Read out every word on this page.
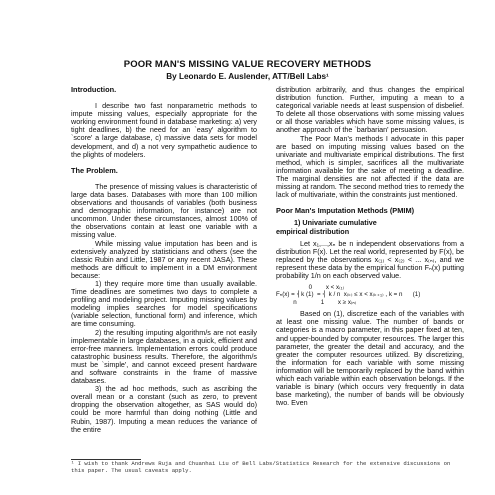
POOR MAN'S MISSING VALUE RECOVERY METHODS
By Leonardo E. Auslender, ATT/Bell Labs¹
Introduction.

I describe two fast nonparametric methods to impute missing values, especially appropriate for the working environment found in database marketing: a) very tight deadlines, b) the need for an `easy' algorithm to `score' a large database, c) massive data sets for model development, and d) a not very sympathetic audience to the plights of modelers.

The Problem.

The presence of missing values is characteristic of large data bases. Databases with more than 100 million observations and thousands of variables (both business and demographic information, for instance) are not uncommon. Under these circumstances, almost 100% of the observations contain at least one variable with a missing value.

While missing value imputation has been and is extensively analyzed by statisticians and others (see the classic Rubin and Little, 1987 or any recent JASA). These methods are difficult to implement in a DM environment because:

1) they require more time than usually available. Time deadlines are sometimes two days to complete a profiling and modeling project. Imputing missing values by modeling implies searches for model specifications (variable selection, functional form) and inference, which are time consuming.

2) the resulting imputing algorithm/s are not easily implementable in large databases, in a quick, efficient and error-free manners. Implementation errors could produce catastrophic business results. Therefore, the algorithm/s must be `simple', and cannot exceed present hardware and software constraints in the frame of massive databases.

3) the ad hoc methods, such as ascribing the overall mean or a constant (such as zero, to prevent dropping the observation altogether, as SAS would do) could be more harmful than doing nothing (Little and Rubin, 1987). Imputing a mean reduces the variance of the entire

distribution arbitrarily, and thus changes the empirical distribution function. Further, imputing a mean to a categorical variable needs at least suspension of disbelief. To delete all those observations with some missing values or all those variables which have some missing values, is another approach of the `barbarian' persuasion.

The Poor Man's methods I advocate in this paper are based on imputing missing values based on the univariate and multivariate empirical distributions. The first method, which is simpler, sacrifices all the multivariate information available for the sake of meeting a deadline. The marginal densities are not affected if the data are missing at random. The second method tries to remedy the lack of multivariate, within the constraints just mentioned.

Poor Man's Imputation Methods (PMIM)

1) Univariate cumulative

empirical distribution

Let x₁,...,xₙ be n independent observations from a distribution F(x). Let the real world, represented by F(x), be replaced by the observations x₍₁₎ < x₍₂₎ < ... x₍ₙ₎, and we represent these data by the empirical function Fₙ(x) putting probability 1/n on each observed value.

0        x < x₍₁₎

Fₙ(x) = ⎨k (1)  = ⎨ k / n  x₍ₖ₎ ≤ x < x₍ₖ₊₁₎ , k = n      (1)

n              1        x ≥ x₍ₙ₎

Based on (1), discretize each of the variables with at least one missing value. The number of bands or categories is a macro parameter, in this paper fixed at ten, and upper-bounded by computer resources. The larger this parameter, the greater the detail and accuracy, and the greater the computer resources utilized. By discretizing, the information for each variable with some missing information will be temporarily replaced by the band within which each variable within each observation belongs. If the variable is binary (which occurs very frequently in data base marketing), the number of bands will be obviously two. Even

¹ I wish to thank Andrews Ruja and Chuanhai Liu of Bell Labs/Statistics Research for the extensive discussions on this paper. The usual caveats apply.
